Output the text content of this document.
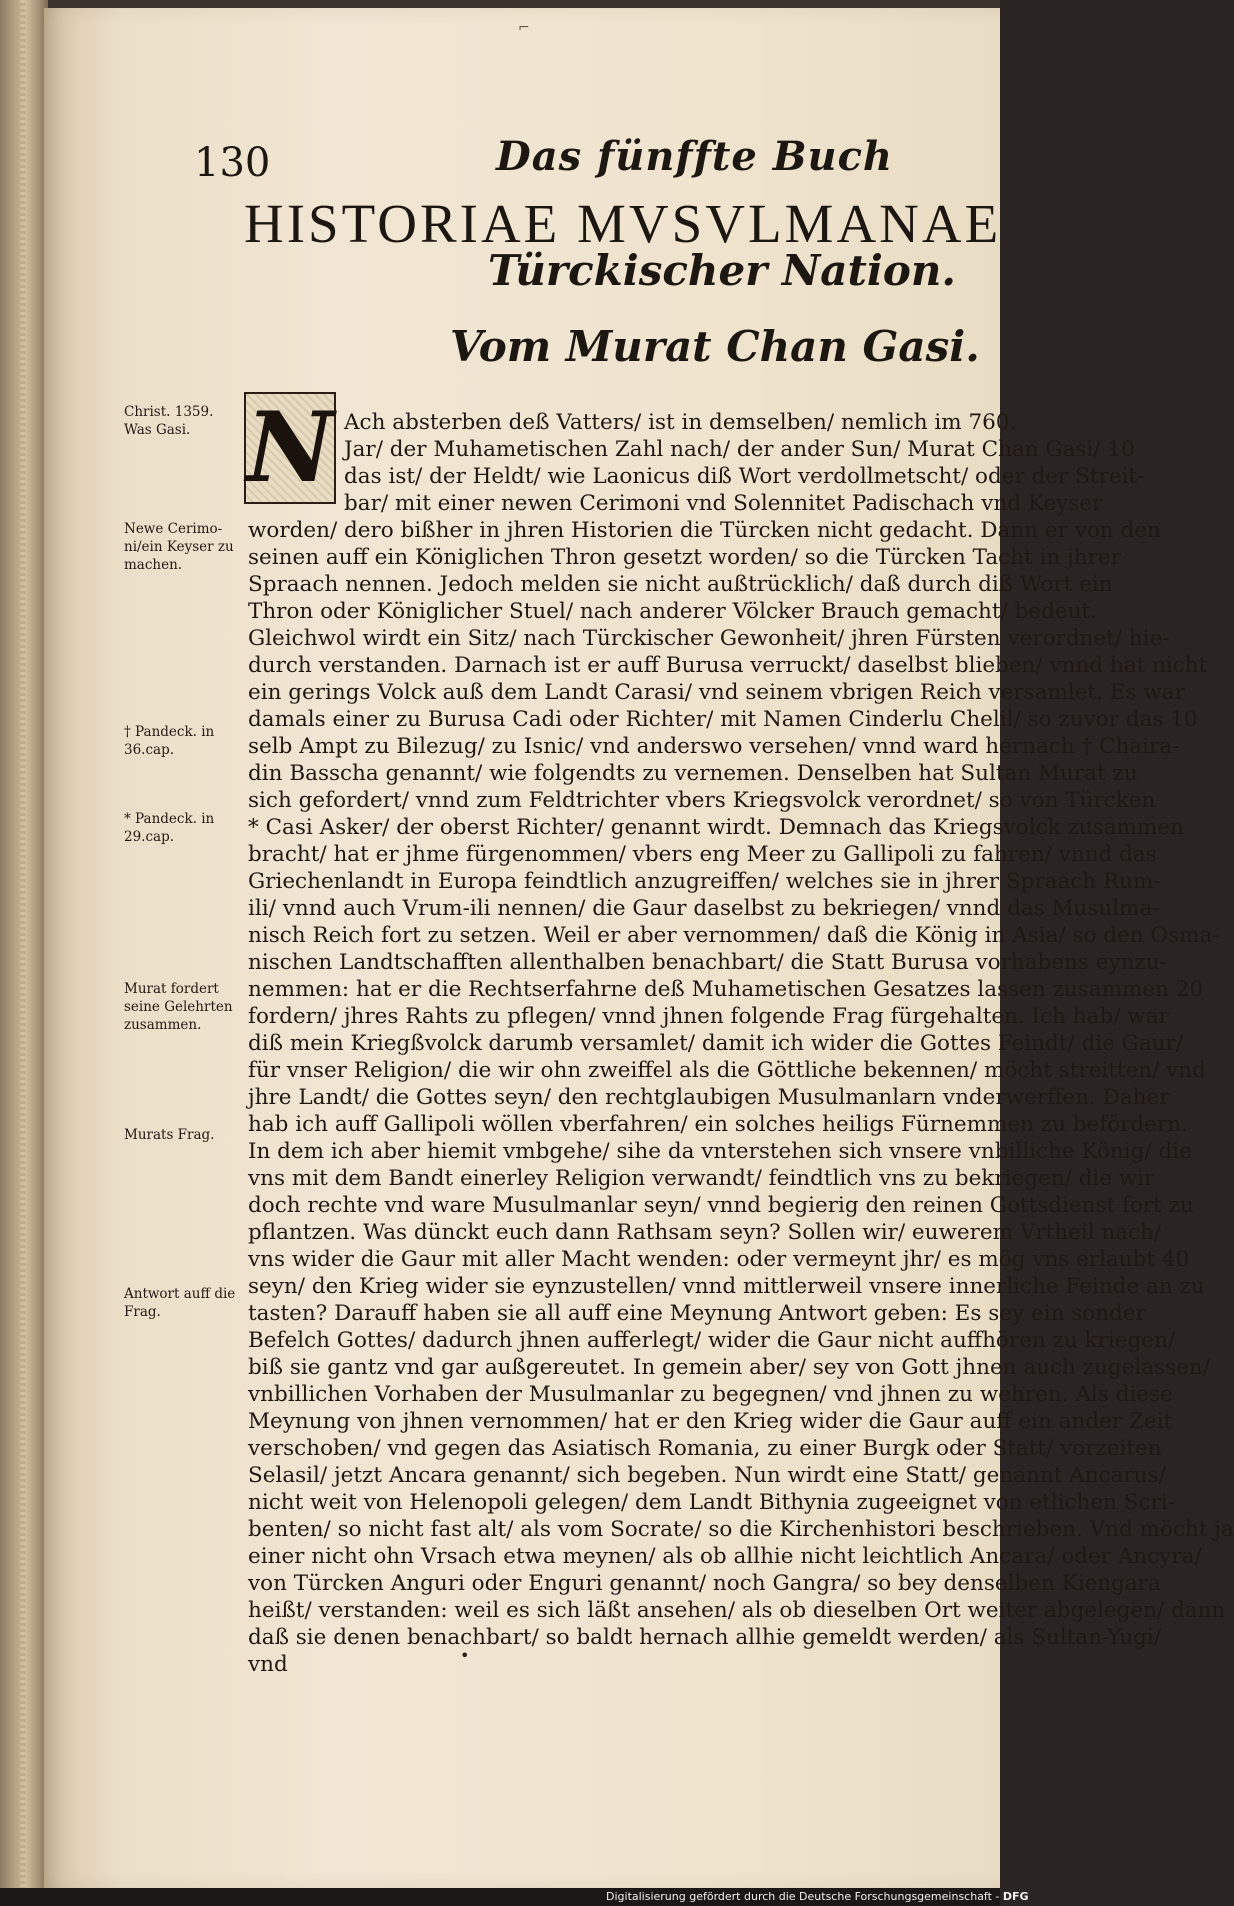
⌐
130	Das fünffte Buch
HISTORIAE MVSVLMANAE
Türckischer Nation.
Vom Murat Chan Gasi.
N Ach absterben deß Vatters/ ist in demselben/ nemlich im 760.
Jar/ der Muhametischen Zahl nach/ der ander Sun/ Murat Chan Gasi/ 10
das ist/ der Heldt/ wie Laonicus diß Wort verdollmetscht/ oder der Streit-
bar/ mit einer newen Cerimoni vnd Solennitet Padischach vnd Keyser
worden/ dero bißher in jhren Historien die Türcken nicht gedacht. Dann er von den
seinen auff ein Königlichen Thron gesetzt worden/ so die Türcken Tacht in jhrer
Spraach nennen. Jedoch melden sie nicht außtrücklich/ daß durch diß Wort ein
Thron oder Königlicher Stuel/ nach anderer Völcker Brauch gemacht/ bedeut.
Gleichwol wirdt ein Sitz/ nach Türckischer Gewonheit/ jhren Fürsten verordnet/ hie-
durch verstanden. Darnach ist er auff Burusa verruckt/ daselbst blieben/ vnnd hat nicht
ein gerings Volck auß dem Landt Carasi/ vnd seinem vbrigen Reich versamlet. Es war
damals einer zu Burusa Cadi oder Richter/ mit Namen Cinderlu Chelil/ so zuvor das 10
selb Ampt zu Bilezug/ zu Isnic/ vnd anderswo versehen/ vnnd ward hernach † Chaira-
din Basscha genannt/ wie folgendts zu vernemen. Denselben hat Sultan Murat zu
sich gefordert/ vnnd zum Feldtrichter vbers Kriegsvolck verordnet/ so von Türcken
* Casi Asker/ der oberst Richter/ genannt wirdt. Demnach das Kriegsvolck zusammen
bracht/ hat er jhme fürgenommen/ vbers eng Meer zu Gallipoli zu fahren/ vnnd das
Griechenlandt in Europa feindtlich anzugreiffen/ welches sie in jhrer Spraach Rum-
ili/ vnnd auch Vrum-ili nennen/ die Gaur daselbst zu bekriegen/ vnnd das Musulma-
nisch Reich fort zu setzen. Weil er aber vernommen/ daß die König in Asia/ so den Osma-
nischen Landtschafften allenthalben benachbart/ die Statt Burusa vorhabens eynzu-
nemmen: hat er die Rechtserfahrne deß Muhametischen Gesatzes lassen zusammen 20
fordern/ jhres Rahts zu pflegen/ vnnd jhnen folgende Frag fürgehalten. Ich hab/ war
diß mein Kriegßvolck darumb versamlet/ damit ich wider die Gottes Feindt/ die Gaur/
für vnser Religion/ die wir ohn zweiffel als die Göttliche bekennen/ möcht streitten/ vnd
jhre Landt/ die Gottes seyn/ den rechtglaubigen Musulmanlarn vnderwerffen. Daher
hab ich auff Gallipoli wöllen vberfahren/ ein solches heiligs Fürnemmen zu befördern.
In dem ich aber hiemit vmbgehe/ sihe da vnterstehen sich vnsere vnbilliche König/ die
vns mit dem Bandt einerley Religion verwandt/ feindtlich vns zu bekriegen/ die wir
doch rechte vnd ware Musulmanlar seyn/ vnnd begierig den reinen Gottsdienst fort zu
pflantzen. Was dünckt euch dann Rathsam seyn? Sollen wir/ euwerem Vrtheil nach/
vns wider die Gaur mit aller Macht wenden: oder vermeynt jhr/ es mög vns erlaubt 40
seyn/ den Krieg wider sie eynzustellen/ vnnd mittlerweil vnsere innerliche Feinde an zu
tasten? Darauff haben sie all auff eine Meynung Antwort geben: Es sey ein sonder
Befelch Gottes/ dadurch jhnen aufferlegt/ wider die Gaur nicht auffhören zu kriegen/
biß sie gantz vnd gar außgereutet. In gemein aber/ sey von Gott jhnen auch zugelassen/
vnbillichen Vorhaben der Musulmanlar zu begegnen/ vnd jhnen zu wehren. Als diese
Meynung von jhnen vernommen/ hat er den Krieg wider die Gaur auff ein ander Zeit
verschoben/ vnd gegen das Asiatisch Romania, zu einer Burgk oder Statt/ vorzeiten
Selasil/ jetzt Ancara genannt/ sich begeben. Nun wirdt eine Statt/ genannt Ancarus/
nicht weit von Helenopoli gelegen/ dem Landt Bithynia zugeeignet von etlichen Scri-
benten/ so nicht fast alt/ als vom Socrate/ so die Kirchenhistori beschrieben. Vnd möcht ja
einer nicht ohn Vrsach etwa meynen/ als ob allhie nicht leichtlich Ancara/ oder Ancyra/
von Türcken Anguri oder Enguri genannt/ noch Gangra/ so bey denselben Kiengara
heißt/ verstanden: weil es sich läßt ansehen/ als ob dieselben Ort weiter abgelegen/ dann
daß sie denen benachbart/ so baldt hernach allhie gemeldt werden/ als Sultan-Yugi/
vnd
Christ. 1359. Was Gasi.
Newe Cerimo- ni/ein Keyser zu machen.
† Pandeck. in 36.cap.
* Pandeck. in 29.cap.
Murat fordert seine Gelehrten zusammen.
Murats Frag.
Antwort auff die Frag.
•
Digitalisierung gefördert durch die Deutsche Forschungsgemeinschaft - DFG
